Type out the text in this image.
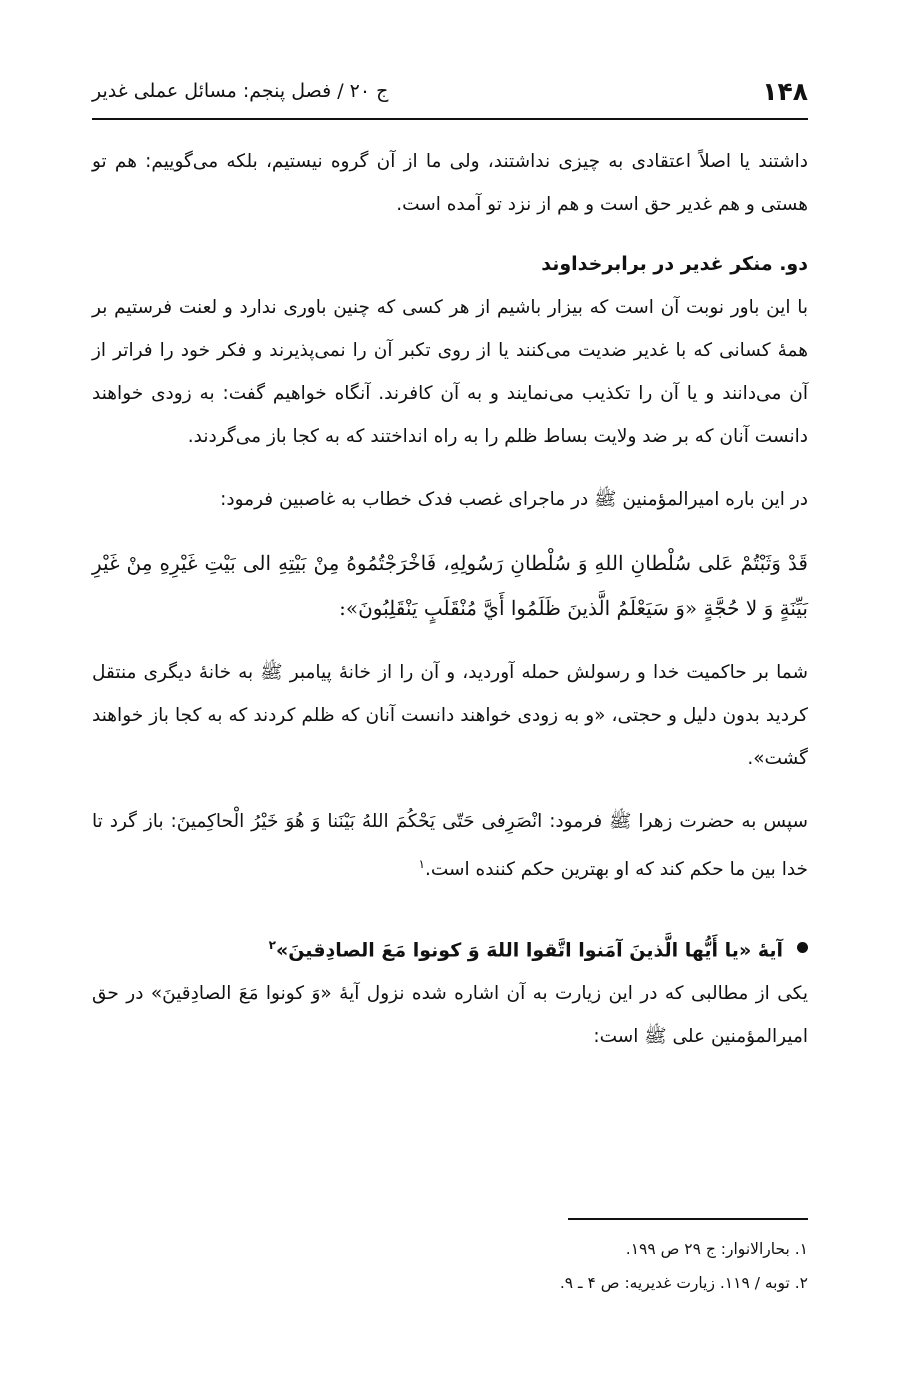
۱۴۸
ج ۲۰ / فصل پنجم: مسائل عملی غدیر

داشتند یا اصلاً اعتقادی به چیزی نداشتند، ولی ما از آن گروه نیستیم، بلکه می‌گوییم: هم تو هستی و هم غدیر حق است و هم از نزد تو آمده است.

دو. منکر غدیر در برابرخداوند

با این باور نوبت آن است که بیزار باشیم از هر کسی که چنین باوری ندارد و لعنت فرستیم بر همهٔ کسانی که با غدیر ضدیت می‌کنند یا از روی تکبر آن را نمی‌پذیرند و فکر خود را فراتر از آن می‌دانند و یا آن را تکذیب می‌نمایند و به آن کافرند. آنگاه خواهیم گفت: به زودی خواهند دانست آنان که بر ضد ولایت بساط ظلم را به راه انداختند که به کجا باز می‌گردند.

در این باره امیرالمؤمنین ﷺ در ماجرای غصب فدک خطاب به غاصبین فرمود:

قَدْ وَثَبْتُمْ عَلی سُلْطانِ اللهِ وَ سُلْطانِ رَسُولِهِ، فَاخْرَجْتُمُوهُ مِنْ بَيْتِهِ الی بَيْتِ غَيْرِهِ مِنْ غَيْرِ بَيِّنَةٍ وَ لا حُجَّةٍ «وَ سَيَعْلَمُ الَّذينَ ظَلَمُوا أَيَّ مُنْقَلَبٍ يَنْقَلِبُونَ»:

شما بر حاکمیت خدا و رسولش حمله آوردید، و آن را از خانهٔ پیامبر ﷺ به خانهٔ دیگری منتقل کردید بدون دلیل و حجتی، «و به زودی خواهند دانست آنان که ظلم کردند که به کجا باز خواهند گشت».

سپس به حضرت زهرا ﷺ فرمود: انْصَرِفی حَتّی يَحْكُمَ اللهُ بَيْنَنا وَ هُوَ خَيْرُ الْحاكِمينَ: باز گرد تا خدا بین ما حکم کند که او بهترین حکم کننده است.$^۱$

آیهٔ «یا أَیُّها الَّذینَ آمَنوا اتَّقوا اللهَ وَ کونوا مَعَ الصادِقینَ»$^۲$

یکی از مطالبی که در این زیارت به آن اشاره شده نزول آیهٔ «وَ کونوا مَعَ الصادِقینَ» در حق امیرالمؤمنین علی ﷺ است:

۱. بحارالانوار: ج ۲۹ ص ۱۹۹.
۲. توبه / ۱۱۹. زیارت غدیریه: ص ۴ ـ ۹.
